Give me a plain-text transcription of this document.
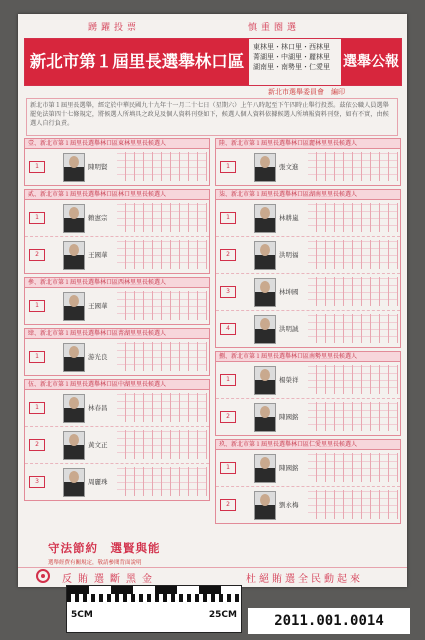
踴躍投票	慎重圈選
新北市第１屆里長選舉林口區
東林里・林口里・西林里
菁湖里・中湖里・麗林里
湖南里・南勢里・仁愛里 選舉公報
新北市選舉委員會　編印
新北市第１屆里長選舉，經定於中華民國九十九年十一月二十七日（星期六）上午八時起至下午四時止舉行投票。茲依公職人員選舉罷免法第四十七條規定，將候選人所填具之政見及個人資料刊登如下，候選人個人資料依據候選人所填報資料刊登，如有不實，由候選人自行負責。
壹、新北市第１屆里長選舉林口區東林里里長候選人
1	陳明賢
貳、新北市第１屆里長選舉林口區林口里里長候選人
1	賴憲宗
2	王國華
參、新北市第１屆里長選舉林口區西林里里長候選人
1	王國華
肆、新北市第１屆里長選舉林口區菁湖里里長候選人
1	游光良
伍、新北市第１屆里長選舉林口區中湖里里長候選人
1	林春昌
2	黃文正
3	周麗珠
陸、新北市第１屆里長選舉林口區麗林里里長候選人
1	張文進
柒、新北市第１屆里長選舉林口區湖南里里長候選人
1	林耕嵐
2	洪明福
3	林坤國
4	洪明誠
捌、新北市第１屆里長選舉林口區南勢里里長候選人
1	楊榮祥
2	陳國銘
玖、新北市第１屆里長選舉林口區仁愛里里長候選人
1	陳國銘
2	劉永梅
守法節約　選賢與能
選舉經費有關規定，敬請參閱背面說明
反賄選斷黑金	杜絕賄選全民動起來
5CM	25CM	2011.001.0014
